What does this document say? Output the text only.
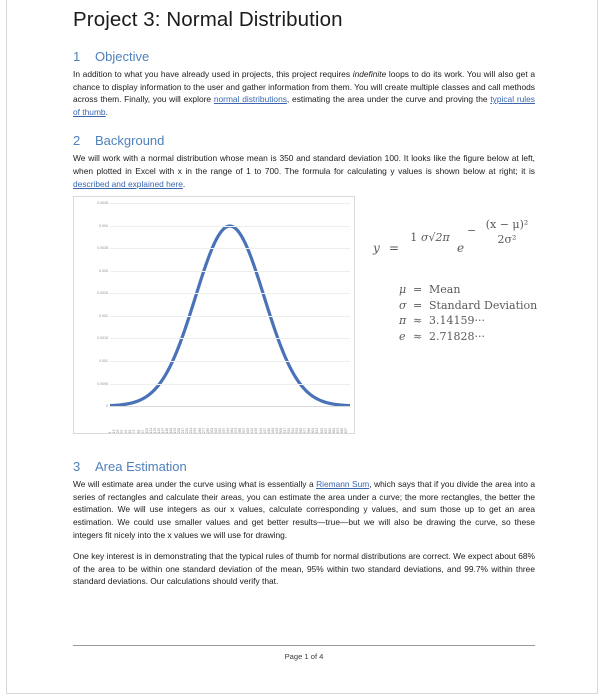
Project 3: Normal Distribution
1 Objective

In addition to what you have already used in projects, this project requires indefinite loops to do its work. You will also get a chance to display information to the user and gather information from them. You will create multiple classes and call methods across them. Finally, you will explore normal distributions, estimating the area under the curve and proving the typical rules of thumb.

2 Background

We will work with a normal distribution whose mean is 350 and standard deviation 100. It looks like the figure below at left, when plotted in Excel with x in the range of 1 to 700. The formula for calculating y values is shown below at right; it is described and explained here.

0.0045
0.004
0.0035
0.003
0.0025
0.002
0.0015
0.001
0.0005
0
1 13 25 37 49 61 73 85 97 109 121 133 145 157 169 181 193 205 217 229 241 253 265 277 289 301 313 325 337 349 361 373 385 397 409 421 433 445 457 469 481 493 505 517 529 541 553 565 577 589 601 613 625 637 649 661 673 685 697
y =
1 σ√2π
e
− (x − μ)² 2σ²
μ = Mean
σ = Standard Deviation
π ≈ 3.14159···
e ≈ 2.71828···
3 Area Estimation

We will estimate area under the curve using what is essentially a Riemann Sum, which says that if you divide the area into a series of rectangles and calculate their areas, you can estimate the area under a curve; the more rectangles, the better the estimation. We will use integers as our x values, calculate corresponding y values, and sum those up to get an area estimation. We could use smaller values and get better results—true—but we will also be drawing the curve, so these integers fit nicely into the x values we will use for drawing.

One key interest is in demonstrating that the typical rules of thumb for normal distributions are correct. We expect about 68% of the area to be within one standard deviation of the mean, 95% within two standard deviations, and 99.7% within three standard deviations. Our calculations should verify that.

Page 1 of 4
